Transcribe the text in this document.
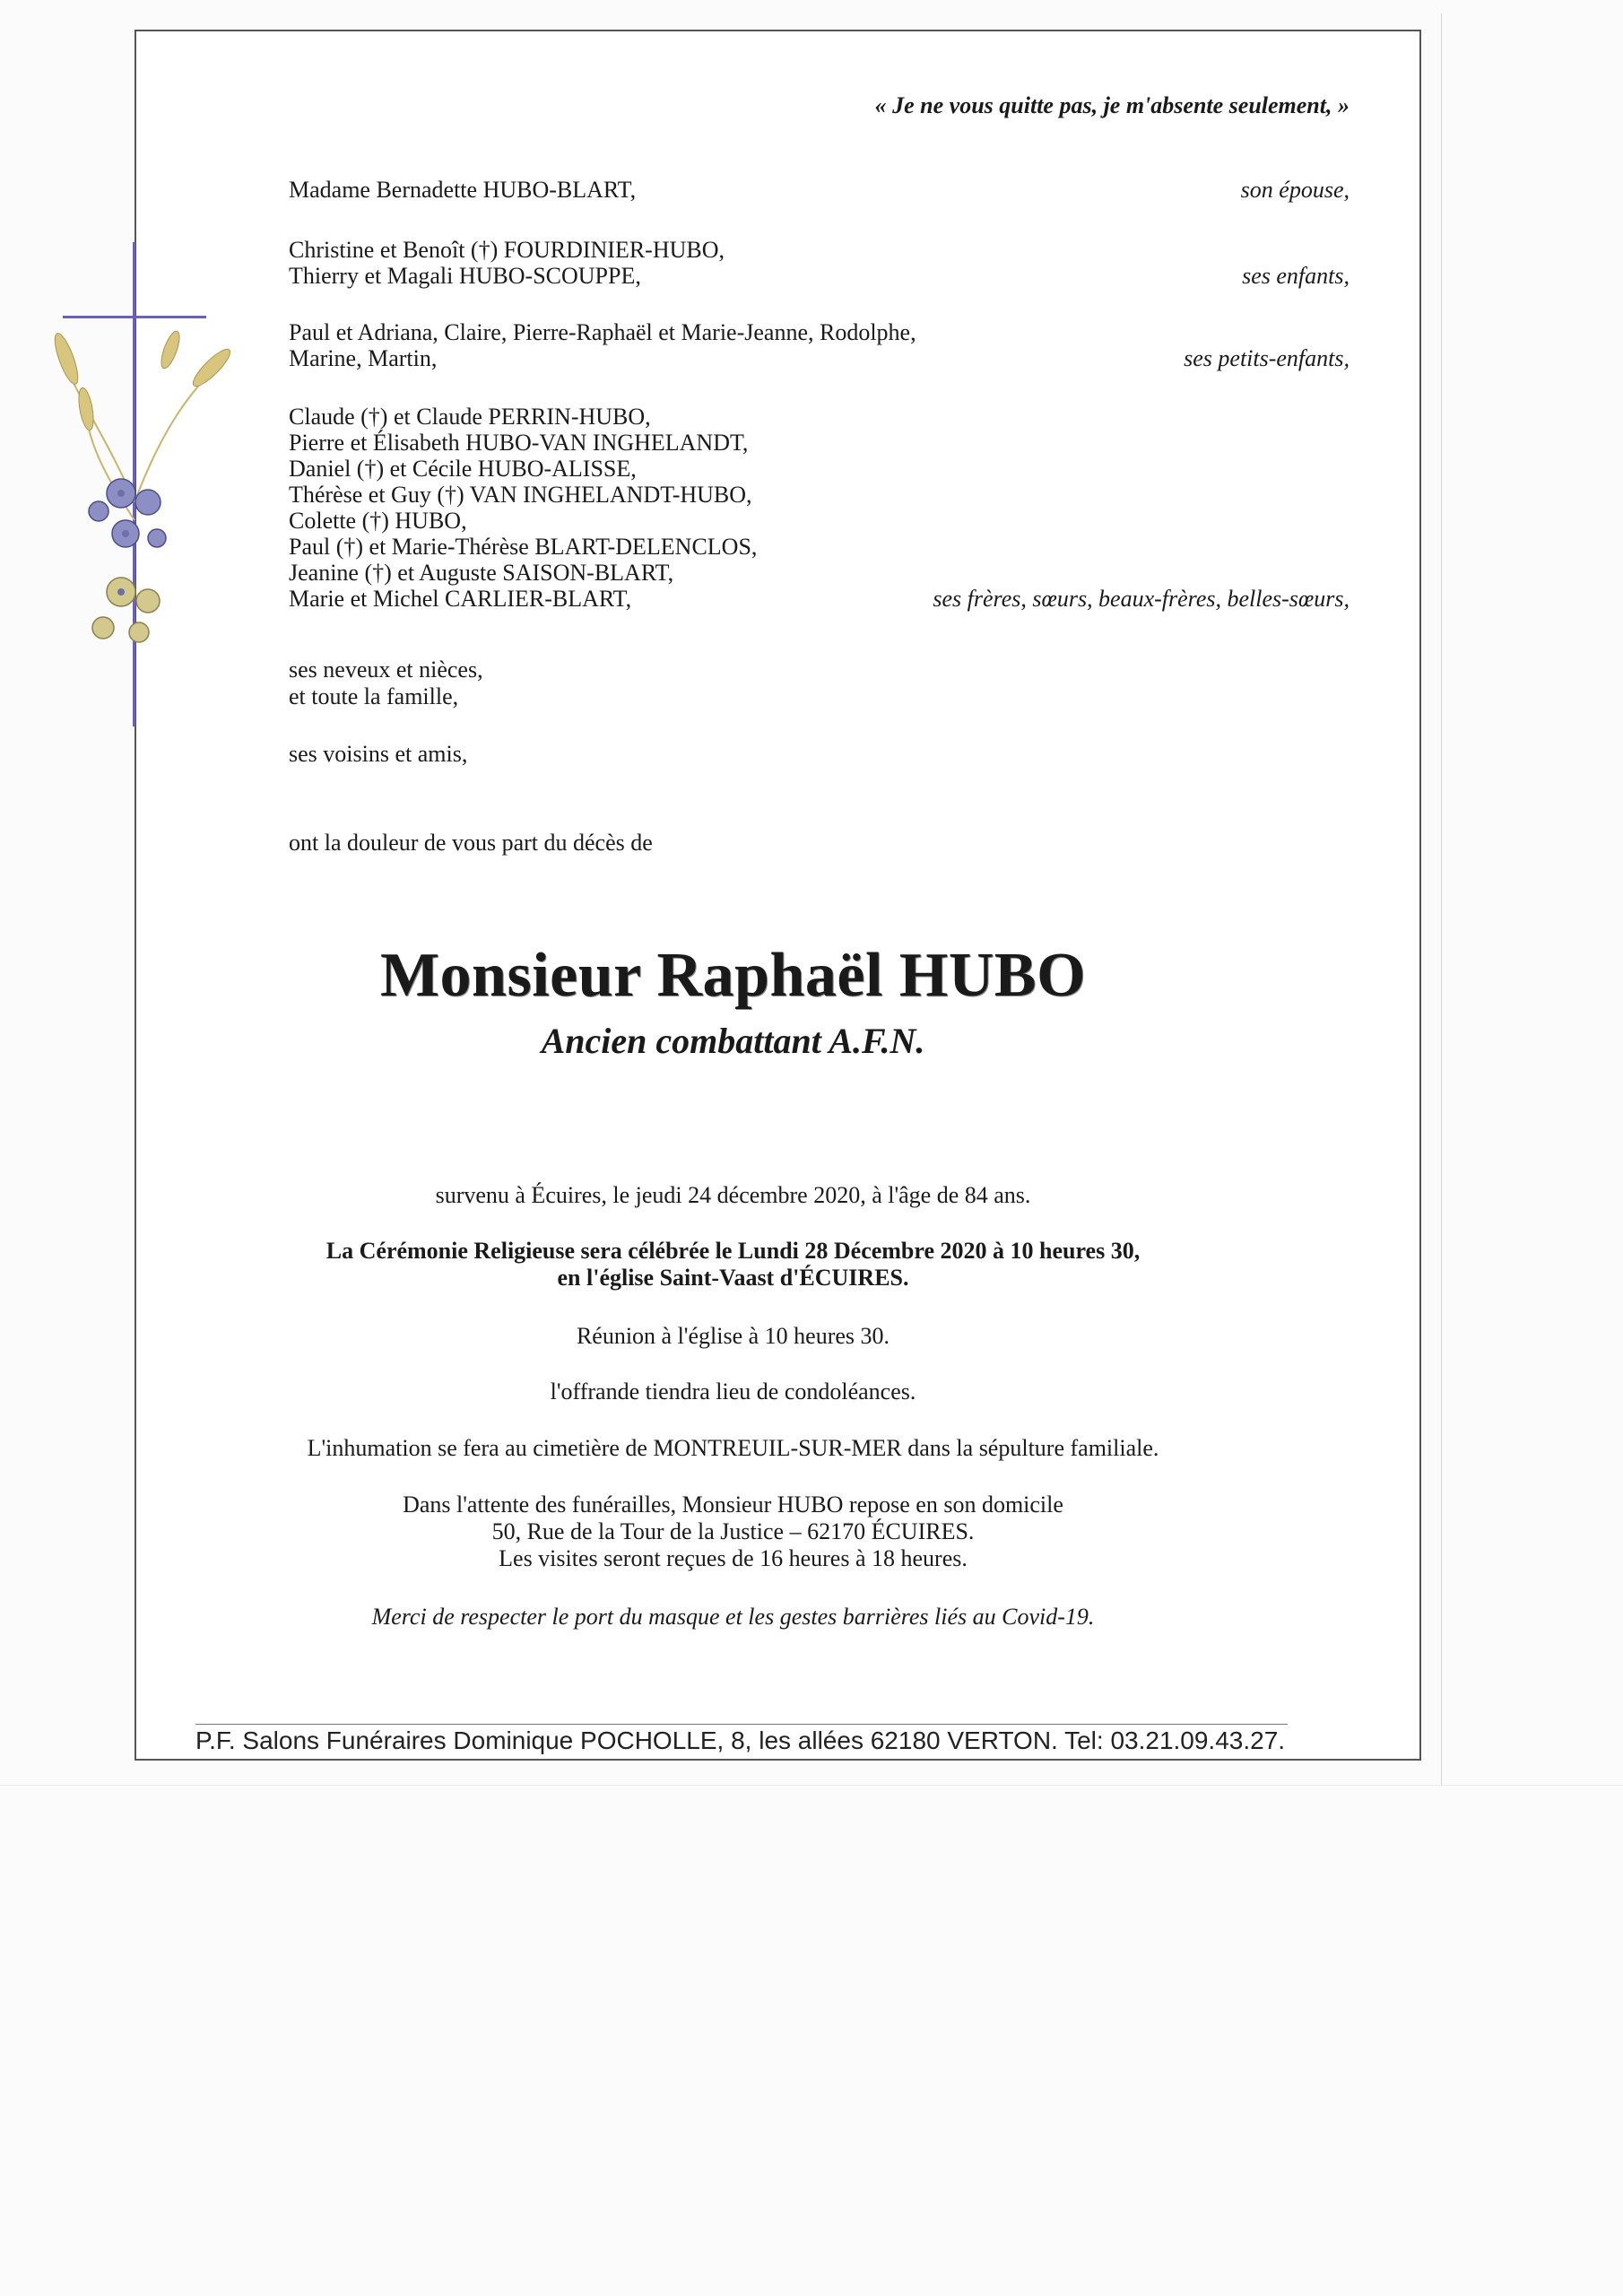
« Je ne vous quitte pas, je m'absente seulement, »
Madame Bernadette HUBO-BLART,	son épouse,
Christine et Benoît (†) FOURDINIER-HUBO,
Thierry et Magali HUBO-SCOUPPE,	ses enfants,
Paul et Adriana, Claire, Pierre-Raphaël et Marie-Jeanne, Rodolphe,
Marine, Martin,	ses petits-enfants,
Claude (†) et Claude PERRIN-HUBO,
Pierre et Élisabeth HUBO-VAN INGHELANDT,
Daniel (†) et Cécile HUBO-ALISSE,
Thérèse et Guy (†) VAN INGHELANDT-HUBO,
Colette (†) HUBO,
Paul (†) et Marie-Thérèse BLART-DELENCLOS,
Jeanine (†) et Auguste SAISON-BLART,
Marie et Michel CARLIER-BLART,	ses frères, sœurs, beaux-frères, belles-sœurs,
ses neveux et nièces,
et toute la famille,
ses voisins et amis,
ont la douleur de vous part du décès de
Monsieur Raphaël HUBO
Ancien combattant A.F.N.
survenu à Écuires, le jeudi 24 décembre 2020, à l'âge de 84 ans.
La Cérémonie Religieuse sera célébrée le Lundi 28 Décembre 2020 à 10 heures 30,
en l'église Saint-Vaast d'ÉCUIRES.
Réunion à l'église à 10 heures 30.
l'offrande tiendra lieu de condoléances.
L'inhumation se fera au cimetière de MONTREUIL-SUR-MER dans la sépulture familiale.
Dans l'attente des funérailles, Monsieur HUBO repose en son domicile
50, Rue de la Tour de la Justice – 62170 ÉCUIRES.
Les visites seront reçues de 16 heures à 18 heures.
Merci de respecter le port du masque et les gestes barrières liés au Covid-19.
P.F. Salons Funéraires Dominique POCHOLLE, 8, les allées 62180 VERTON. Tel: 03.21.09.43.27.
